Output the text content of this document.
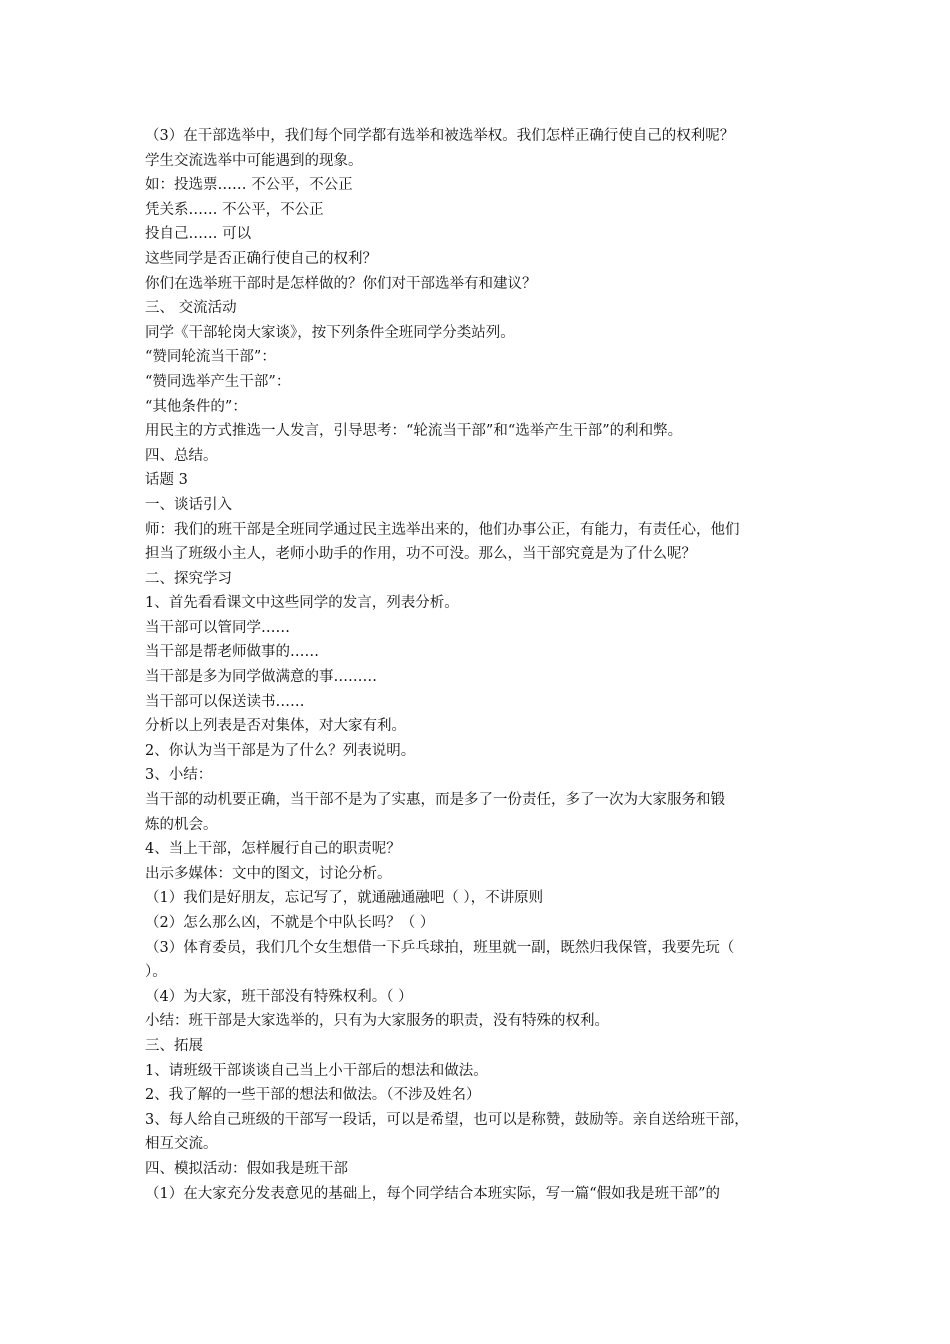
（3）在干部选举中，我们每个同学都有选举和被选举权。我们怎样正确行使自己的权利呢？
学生交流选举中可能遇到的现象。
如：投选票…… 不公平，不公正
凭关系…… 不公平，不公正
投自己…… 可以
这些同学是否正确行使自己的权利？
你们在选举班干部时是怎样做的？你们对干部选举有和建议？
三、 交流活动
同学《干部轮岗大家谈》，按下列条件全班同学分类站列。
“赞同轮流当干部”：
“赞同选举产生干部”：
“其他条件的”：
用民主的方式推选一人发言，引导思考：“轮流当干部”和“选举产生干部”的利和弊。
四、总结。
话题 3
一、谈话引入
师：我们的班干部是全班同学通过民主选举出来的，他们办事公正，有能力，有责任心，他们
担当了班级小主人，老师小助手的作用，功不可没。那么，当干部究竟是为了什么呢？
二、探究学习
1、首先看看课文中这些同学的发言，列表分析。
当干部可以管同学……
当干部是帮老师做事的……
当干部是多为同学做满意的事………
当干部可以保送读书……
分析以上列表是否对集体，对大家有利。
2、你认为当干部是为了什么？列表说明。
3、小结：
当干部的动机要正确，当干部不是为了实惠，而是多了一份责任，多了一次为大家服务和锻
炼的机会。
4、当上干部，怎样履行自己的职责呢？
出示多媒体：文中的图文，讨论分析。
（1）我们是好朋友，忘记写了，就通融通融吧（ ），不讲原则
（2）怎么那么凶，不就是个中队长吗？（ ）
（3）体育委员，我们几个女生想借一下乒乓球拍，班里就一副，既然归我保管，我要先玩（
）。
（4）为大家，班干部没有特殊权利。（ ）
小结：班干部是大家选举的，只有为大家服务的职责，没有特殊的权利。
三、拓展
1、请班级干部谈谈自己当上小干部后的想法和做法。
2、我了解的一些干部的想法和做法。（不涉及姓名）
3、每人给自己班级的干部写一段话，可以是希望，也可以是称赞，鼓励等。亲自送给班干部，
相互交流。
四、模拟活动：假如我是班干部
（1）在大家充分发表意见的基础上，每个同学结合本班实际，写一篇“假如我是班干部”的
